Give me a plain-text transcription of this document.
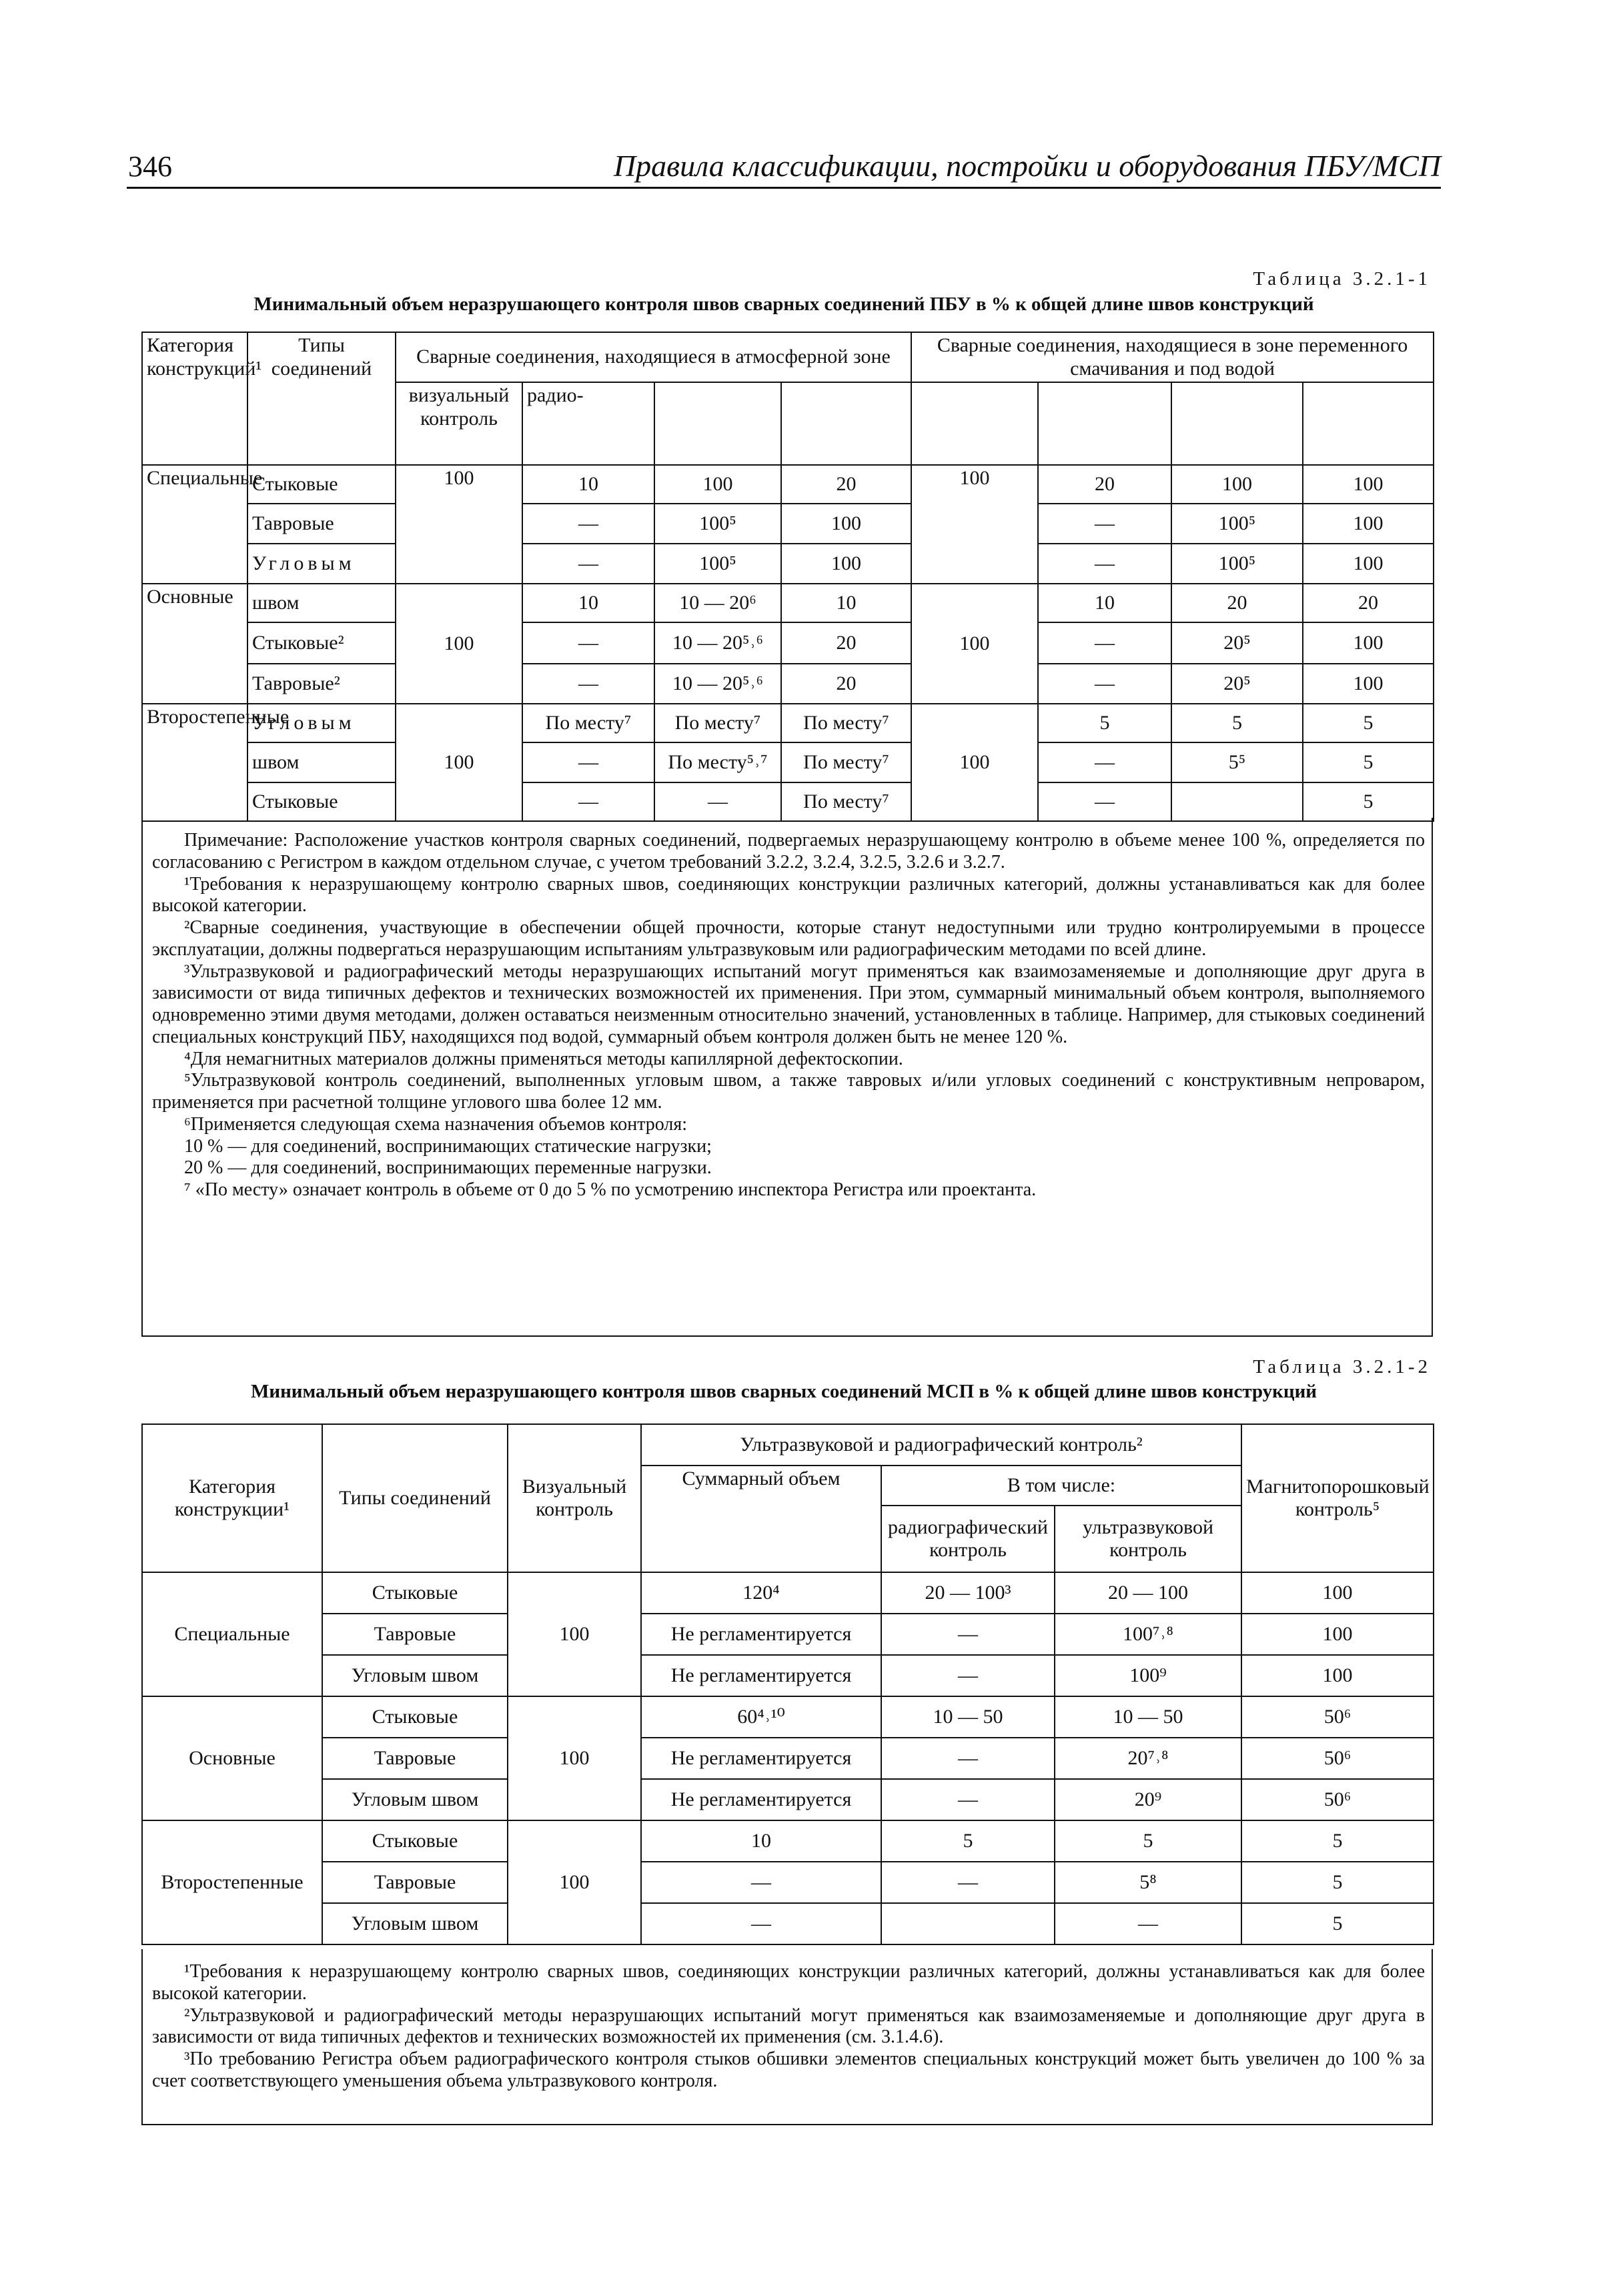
346	Правила классификации, постройки и оборудования ПБУ/МСП
Таблица 3.2.1-1
Минимальный объем неразрушающего контроля швов сварных соединений ПБУ в % к общей длине швов конструкций
Категория конструкций¹	Типы соединений	Сварные соединения, находящиеся в атмосферной зоне				Сварные соединения, находящиеся в зоне переменного смачивания и под водой			
		визуальный контроль	радио-						
Специальные	Стыковые	100	10	100	20	100	20	100	100
	Тавровые		—	100⁵	100		—	100⁵	100
	Угловым		—	100⁵	100		—	100⁵	100
Основные	швом	100	10	10 — 20⁶	10	100	10	20	20
	Стыковые²		—	10 — 20⁵˒⁶	20		—	20⁵	100
	Тавровые²		—	10 — 20⁵˒⁶	20		—	20⁵	100
Второстепенные	Угловым	100	По месту⁷	По месту⁷	По месту⁷	100	5	5	5
	швом		—	По месту⁵˒⁷	По месту⁷		—	5⁵	5
	Стыковые		—	—	По месту⁷		—		5

Примечание: Расположение участков контроля сварных соединений, подвергаемых неразрушающему контролю в объеме менее 100 %, определяется по согласованию с Регистром в каждом отдельном случае, с учетом требований 3.2.2, 3.2.4, 3.2.5, 3.2.6 и 3.2.7.

¹Требования к неразрушающему контролю сварных швов, соединяющих конструкции различных категорий, должны устанавливаться как для более высокой категории.

²Сварные соединения, участвующие в обеспечении общей прочности, которые станут недоступными или трудно контролируемыми в процессе эксплуатации, должны подвергаться неразрушающим испытаниям ультразвуковым или радиографическим методами по всей длине.

³Ультразвуковой и радиографический методы неразрушающих испытаний могут применяться как взаимозаменяемые и дополняющие друг друга в зависимости от вида типичных дефектов и технических возможностей их применения. При этом, суммарный минимальный объем контроля, выполняемого одновременно этими двумя методами, должен оставаться неизменным относительно значений, установленных в таблице. Например, для стыковых соединений специальных конструкций ПБУ, находящихся под водой, суммарный объем контроля должен быть не менее 120 %.

⁴Для немагнитных материалов должны применяться методы капиллярной дефектоскопии.

⁵Ультразвуковой контроль соединений, выполненных угловым швом, а также тавровых и/или угловых соединений с конструктивным непроваром, применяется при расчетной толщине углового шва более 12 мм.

⁶Применяется следующая схема назначения объемов контроля:

10 % — для соединений, воспринимающих статические нагрузки;

20 % — для соединений, воспринимающих переменные нагрузки.

⁷ «По месту» означает контроль в объеме от 0 до 5 % по усмотрению инспектора Регистра или проектанта.

Таблица 3.2.1-2
Минимальный объем неразрушающего контроля швов сварных соединений МСП в % к общей длине швов конструкций
Категория конструкции¹	Типы соединений	Визуальный контроль	Ультразвуковой и радиографический контроль²			Магнитопорошковый контроль⁵
			Суммарный объем	В том числе:		
				радиографический контроль	ультразвуковой контроль	
Специальные	Стыковые	100	120⁴	20 — 100³	20 — 100	100
	Тавровые		Не регламентируется	—	100⁷˒⁸	100
	Угловым швом		Не регламентируется	—	100⁹	100
Основные	Стыковые	100	60⁴˒¹⁰	10 — 50	10 — 50	50⁶
	Тавровые		Не регламентируется	—	20⁷˒⁸	50⁶
	Угловым швом		Не регламентируется	—	20⁹	50⁶
Второстепенные	Стыковые	100	10	5	5	5
	Тавровые		—	—	5⁸	5
	Угловым швом		—		—	5

¹Требования к неразрушающему контролю сварных швов, соединяющих конструкции различных категорий, должны устанавливаться как для более высокой категории.

²Ультразвуковой и радиографический методы неразрушающих испытаний могут применяться как взаимозаменяемые и дополняющие друг друга в зависимости от вида типичных дефектов и технических возможностей их применения (см. 3.1.4.6).

³По требованию Регистра объем радиографического контроля стыков обшивки элементов специальных конструкций может быть увеличен до 100 % за счет соответствующего уменьшения объема ультразвукового контроля.
